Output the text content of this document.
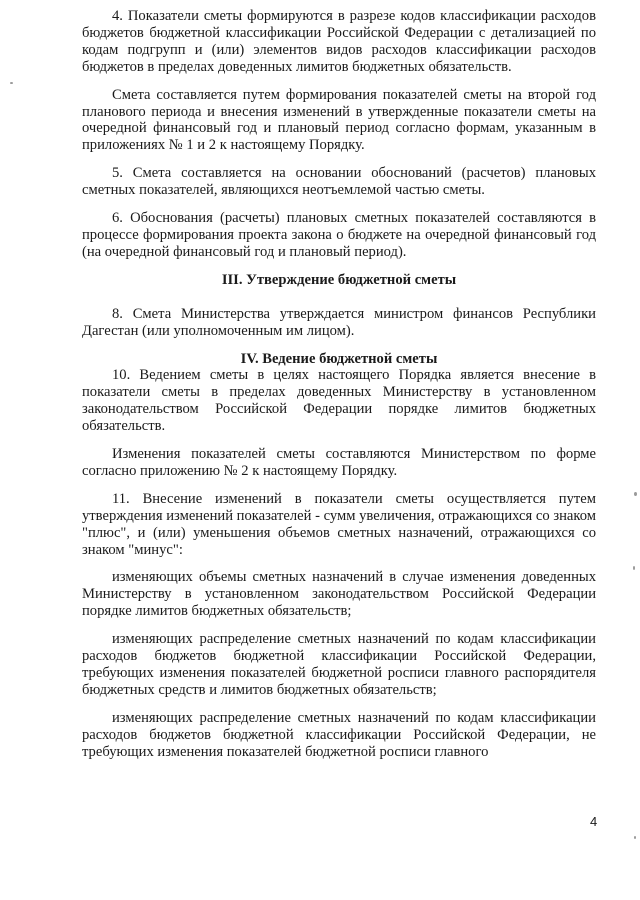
4. Показатели сметы формируются в разрезе кодов классификации расходов бюджетов бюджетной классификации Российской Федерации с детализацией по кодам подгрупп и (или) элементов видов расходов классификации расходов бюджетов в пределах доведенных лимитов бюджетных обязательств.

Смета составляется путем формирования показателей сметы на второй год планового периода и внесения изменений в утвержденные показатели сметы на очередной финансовый год и плановый период согласно формам, указанным в приложениях № 1 и 2 к настоящему Порядку.

5. Смета составляется на основании обоснований (расчетов) плановых сметных показателей, являющихся неотъемлемой частью сметы.

6. Обоснования (расчеты) плановых сметных показателей составляются в процессе формирования проекта закона о бюджете на очередной финансовый год (на очередной финансовый год и плановый период).

III. Утверждение бюджетной сметы

8. Смета Министерства утверждается министром финансов Республики Дагестан (или уполномоченным им лицом).

IV. Ведение бюджетной сметы

10. Ведением сметы в целях настоящего Порядка является внесение в показатели сметы в пределах доведенных Министерству в установленном законодательством Российской Федерации порядке лимитов бюджетных обязательств.

Изменения показателей сметы составляются Министерством по форме согласно приложению № 2 к настоящему Порядку.

11. Внесение изменений в показатели сметы осуществляется путем утверждения изменений показателей - сумм увеличения, отражающихся со знаком "плюс", и (или) уменьшения объемов сметных назначений, отражающихся со знаком "минус":

изменяющих объемы сметных назначений в случае изменения доведенных Министерству в установленном законодательством Российской Федерации порядке лимитов бюджетных обязательств;

изменяющих распределение сметных назначений по кодам классификации расходов бюджетов бюджетной классификации Российской Федерации, требующих изменения показателей бюджетной росписи главного распорядителя бюджетных средств и лимитов бюджетных обязательств;

изменяющих распределение сметных назначений по кодам классификации расходов бюджетов бюджетной классификации Российской Федерации, не требующих изменения показателей бюджетной росписи главного

4
